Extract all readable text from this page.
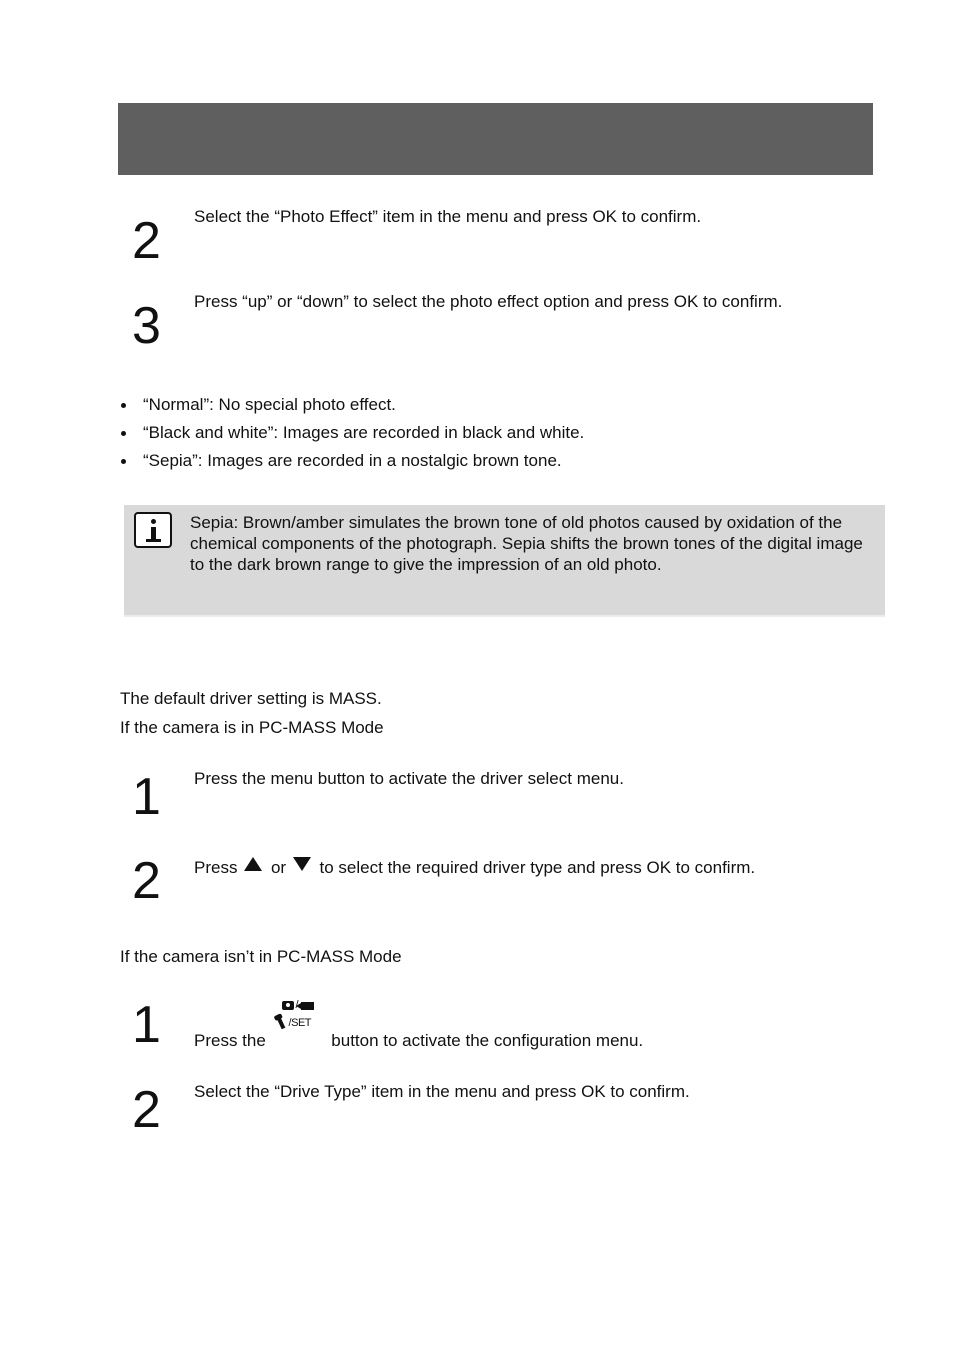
2 Select the “Photo Effect” item in the menu and press OK to confirm.
3 Press “up” or “down” to select the photo effect option and press OK to confirm.
“Normal”: No special photo effect.
“Black and white”: Images are recorded in black and white.
“Sepia”: Images are recorded in a nostalgic brown tone.
Sepia: Brown/amber simulates the brown tone of old photos caused by oxidation of the chemical components of the photograph. Sepia shifts the brown tones of the digital image to the dark brown range to give the impression of an old photo.
The default driver setting is MASS.
If the camera is in PC-MASS Mode
1 Press the menu button to activate the driver select menu.
2 Press or to select the required driver type and press OK to confirm.
If the camera isn’t in PC-MASS Mode
1 Press the
/SET
button to activate the configuration menu.
2 Select the “Drive Type” item in the menu and press OK to confirm.
